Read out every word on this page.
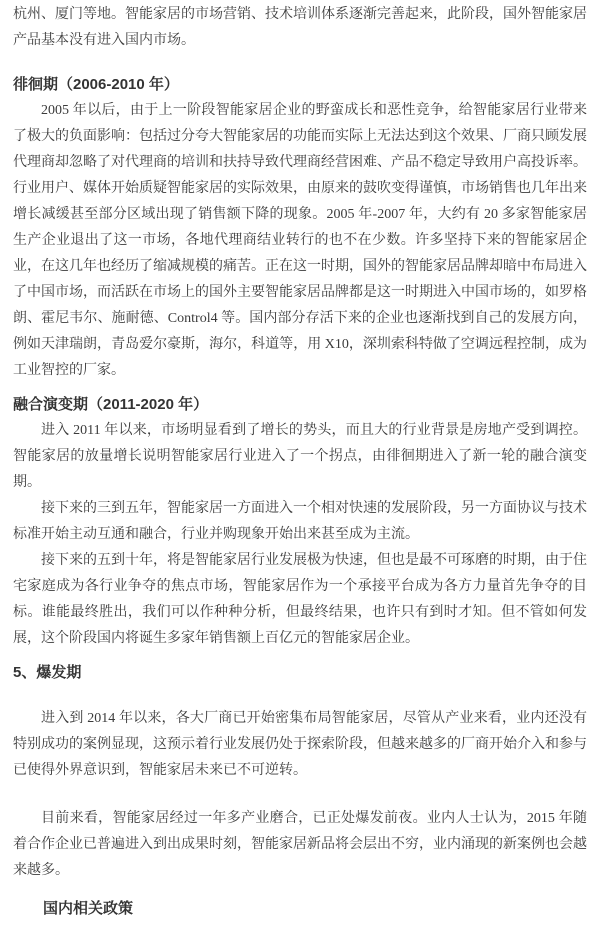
杭州、厦门等地。智能家居的市场营销、技术培训体系逐渐完善起来，此阶段，国外智能家居产品基本没有进入国内市场。

徘徊期（2006-2010 年）

2005 年以后，由于上一阶段智能家居企业的野蛮成长和恶性竞争，给智能家居行业带来了极大的负面影响：包括过分夸大智能家居的功能而实际上无法达到这个效果、厂商只顾发展代理商却忽略了对代理商的培训和扶持导致代理商经营困难、产品不稳定导致用户高投诉率。行业用户、媒体开始质疑智能家居的实际效果，由原来的鼓吹变得谨慎，市场销售也几年出来增长减缓甚至部分区域出现了销售额下降的现象。2005 年-2007 年，大约有 20 多家智能家居生产企业退出了这一市场，各地代理商结业转行的也不在少数。许多坚持下来的智能家居企业，在这几年也经历了缩减规模的痛苦。正在这一时期，国外的智能家居品牌却暗中布局进入了中国市场，而活跃在市场上的国外主要智能家居品牌都是这一时期进入中国市场的，如罗格朗、霍尼韦尔、施耐德、Control4 等。国内部分存活下来的企业也逐渐找到自己的发展方向，例如天津瑞朗，青岛爱尔豪斯，海尔，科道等，用 X10，深圳索科特做了空调远程控制，成为工业智控的厂家。

融合演变期（2011-2020 年）

进入 2011 年以来，市场明显看到了增长的势头，而且大的行业背景是房地产受到调控。智能家居的放量增长说明智能家居行业进入了一个拐点，由徘徊期进入了新一轮的融合演变期。

接下来的三到五年，智能家居一方面进入一个相对快速的发展阶段，另一方面协议与技术标准开始主动互通和融合，行业并购现象开始出来甚至成为主流。

接下来的五到十年，将是智能家居行业发展极为快速，但也是最不可琢磨的时期，由于住宅家庭成为各行业争夺的焦点市场，智能家居作为一个承接平台成为各方力量首先争夺的目标。谁能最终胜出，我们可以作种种分析，但最终结果，也许只有到时才知。但不管如何发展，这个阶段国内将诞生多家年销售额上百亿元的智能家居企业。

5、爆发期

进入到 2014 年以来，各大厂商已开始密集布局智能家居，尽管从产业来看，业内还没有特别成功的案例显现，这预示着行业发展仍处于探索阶段，但越来越多的厂商开始介入和参与已使得外界意识到，智能家居未来已不可逆转。

目前来看，智能家居经过一年多产业磨合，已正处爆发前夜。业内人士认为，2015 年随着合作企业已普遍进入到出成果时刻，智能家居新品将会层出不穷，业内涌现的新案例也会越来越多。

国内相关政策
